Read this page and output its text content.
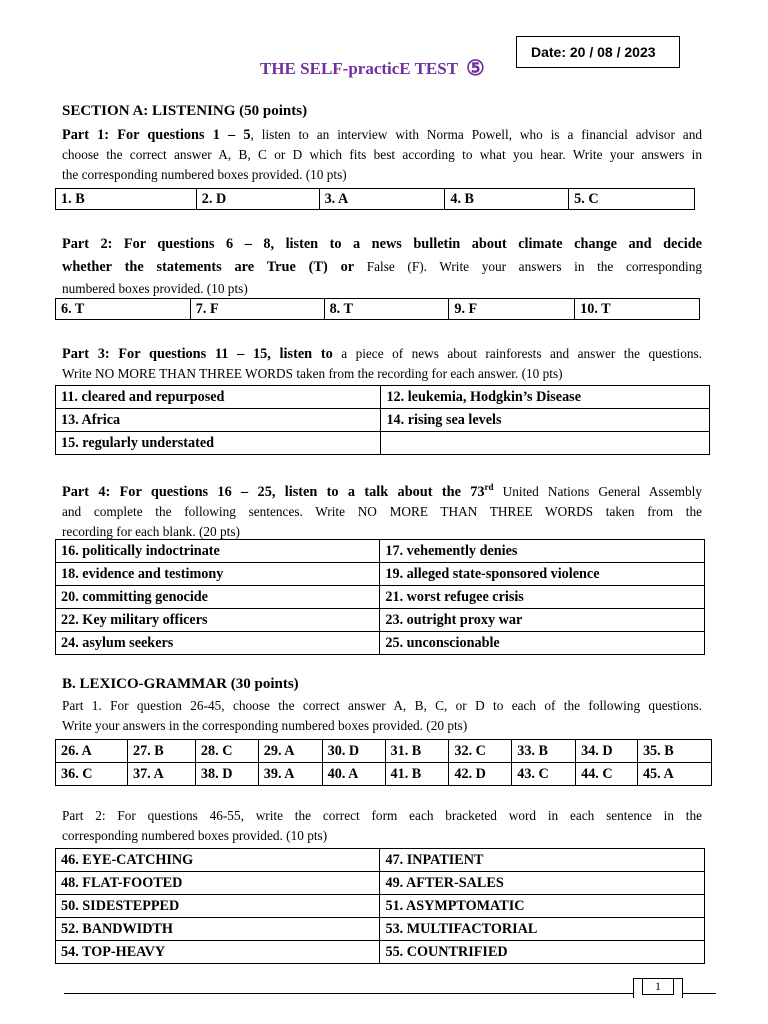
Date: 20 / 08 / 2023
THE SELF-practicE TEST ⑤
SECTION A: LISTENING (50 points)
Part 1: For questions 1 – 5, listen to an interview with Norma Powell, who is a financial advisor and
choose the correct answer A, B, C or D which fits best according to what you hear. Write your answers in
the corresponding numbered boxes provided. (10 pts)
1. B	2. D	3. A	4. B	5. C
Part 2: For questions 6 – 8, listen to a news bulletin about climate change and decide
whether the statements are True (T) or False (F). Write your answers in the corresponding
numbered boxes provided. (10 pts)
6. T	7. F	8. T	9. F	10. T
Part 3: For questions 11 – 15, listen to a piece of news about rainforests and answer the questions.
Write NO MORE THAN THREE WORDS taken from the recording for each answer. (10 pts)
11. cleared and repurposed	12. leukemia, Hodgkin’s Disease
13. Africa	14. rising sea levels
15. regularly understated	
Part 4: For questions 16 – 25, listen to a talk about the 73rd United Nations General Assembly
and complete the following sentences. Write NO MORE THAN THREE WORDS taken from the
recording for each blank. (20 pts)
16. politically indoctrinate	17. vehemently denies
18. evidence and testimony	19. alleged state-sponsored violence
20. committing genocide	21. worst refugee crisis
22. Key military officers	23. outright proxy war
24. asylum seekers	25. unconscionable
B. LEXICO-GRAMMAR (30 points)
Part 1. For question 26-45, choose the correct answer A, B, C, or D to each of the following questions.
Write your answers in the corresponding numbered boxes provided. (20 pts)
26. A	27. B	28. C	29. A	30. D	31. B	32. C	33. B	34. D	35. B
36. C	37. A	38. D	39. A	40. A	41. B	42. D	43. C	44. C	45. A
Part 2: For questions 46-55, write the correct form each bracketed word in each sentence in the
corresponding numbered boxes provided. (10 pts)
46. EYE-CATCHING	47. INPATIENT
48. FLAT-FOOTED	49. AFTER-SALES
50. SIDESTEPPED	51. ASYMPTOMATIC
52. BANDWIDTH	53. MULTIFACTORIAL
54. TOP-HEAVY	55. COUNTRIFIED
1
